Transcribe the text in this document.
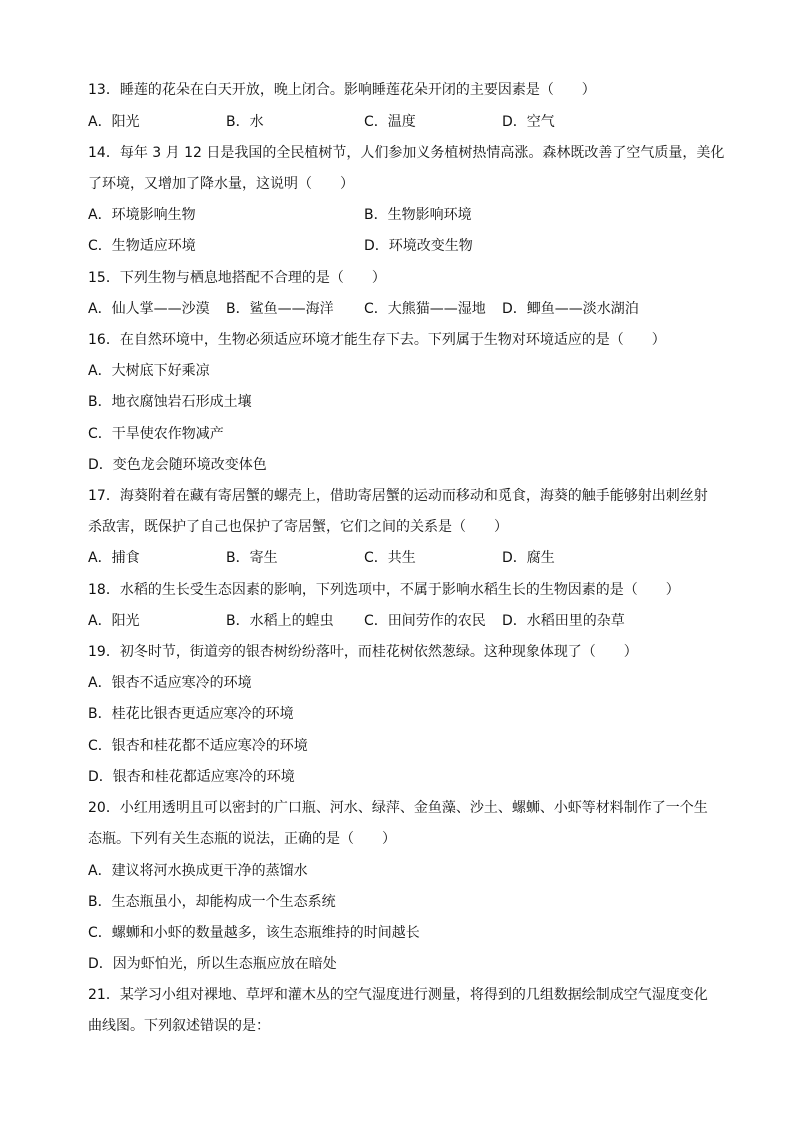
13．睡莲的花朵在白天开放，晚上闭合。影响睡莲花朵开闭的主要因素是（　　）
A．阳光	B．水	C．温度	D．空气
14．每年 3 月 12 日是我国的全民植树节，人们参加义务植树热情高涨。森林既改善了空气质量，美化
了环境，又增加了降水量，这说明（　　）
A．环境影响生物	B．生物影响环境
C．生物适应环境	D．环境改变生物
15．下列生物与栖息地搭配不合理的是（　　）
A．仙人掌——沙漠 B．鲨鱼——海洋 C．大熊猫——湿地 D．鲫鱼——淡水湖泊
16．在自然环境中，生物必须适应环境才能生存下去。下列属于生物对环境适应的是（　　）
A．大树底下好乘凉
B．地衣腐蚀岩石形成土壤
C．干旱使农作物减产
D．变色龙会随环境改变体色
17．海葵附着在藏有寄居蟹的螺壳上，借助寄居蟹的运动而移动和觅食，海葵的触手能够射出刺丝射
杀敌害，既保护了自己也保护了寄居蟹，它们之间的关系是（　　）
A．捕食	B．寄生	C．共生	D．腐生
18．水稻的生长受生态因素的影响，下列选项中，不属于影响水稻生长的生物因素的是（　　）
A．阳光	B．水稻上的蝗虫 C．田间劳作的农民 D．水稻田里的杂草
19．初冬时节，街道旁的银杏树纷纷落叶，而桂花树依然葱绿。这种现象体现了（　　）
A．银杏不适应寒冷的环境
B．桂花比银杏更适应寒冷的环境
C．银杏和桂花都不适应寒冷的环境
D．银杏和桂花都适应寒冷的环境
20．小红用透明且可以密封的广口瓶、河水、绿萍、金鱼藻、沙土、螺蛳、小虾等材料制作了一个生
态瓶。下列有关生态瓶的说法，正确的是（　　）
A．建议将河水换成更干净的蒸馏水
B．生态瓶虽小，却能构成一个生态系统
C．螺蛳和小虾的数量越多，该生态瓶维持的时间越长
D．因为虾怕光，所以生态瓶应放在暗处
21．某学习小组对裸地、草坪和灌木丛的空气湿度进行测量，将得到的几组数据绘制成空气湿度变化
曲线图。下列叙述错误的是：
